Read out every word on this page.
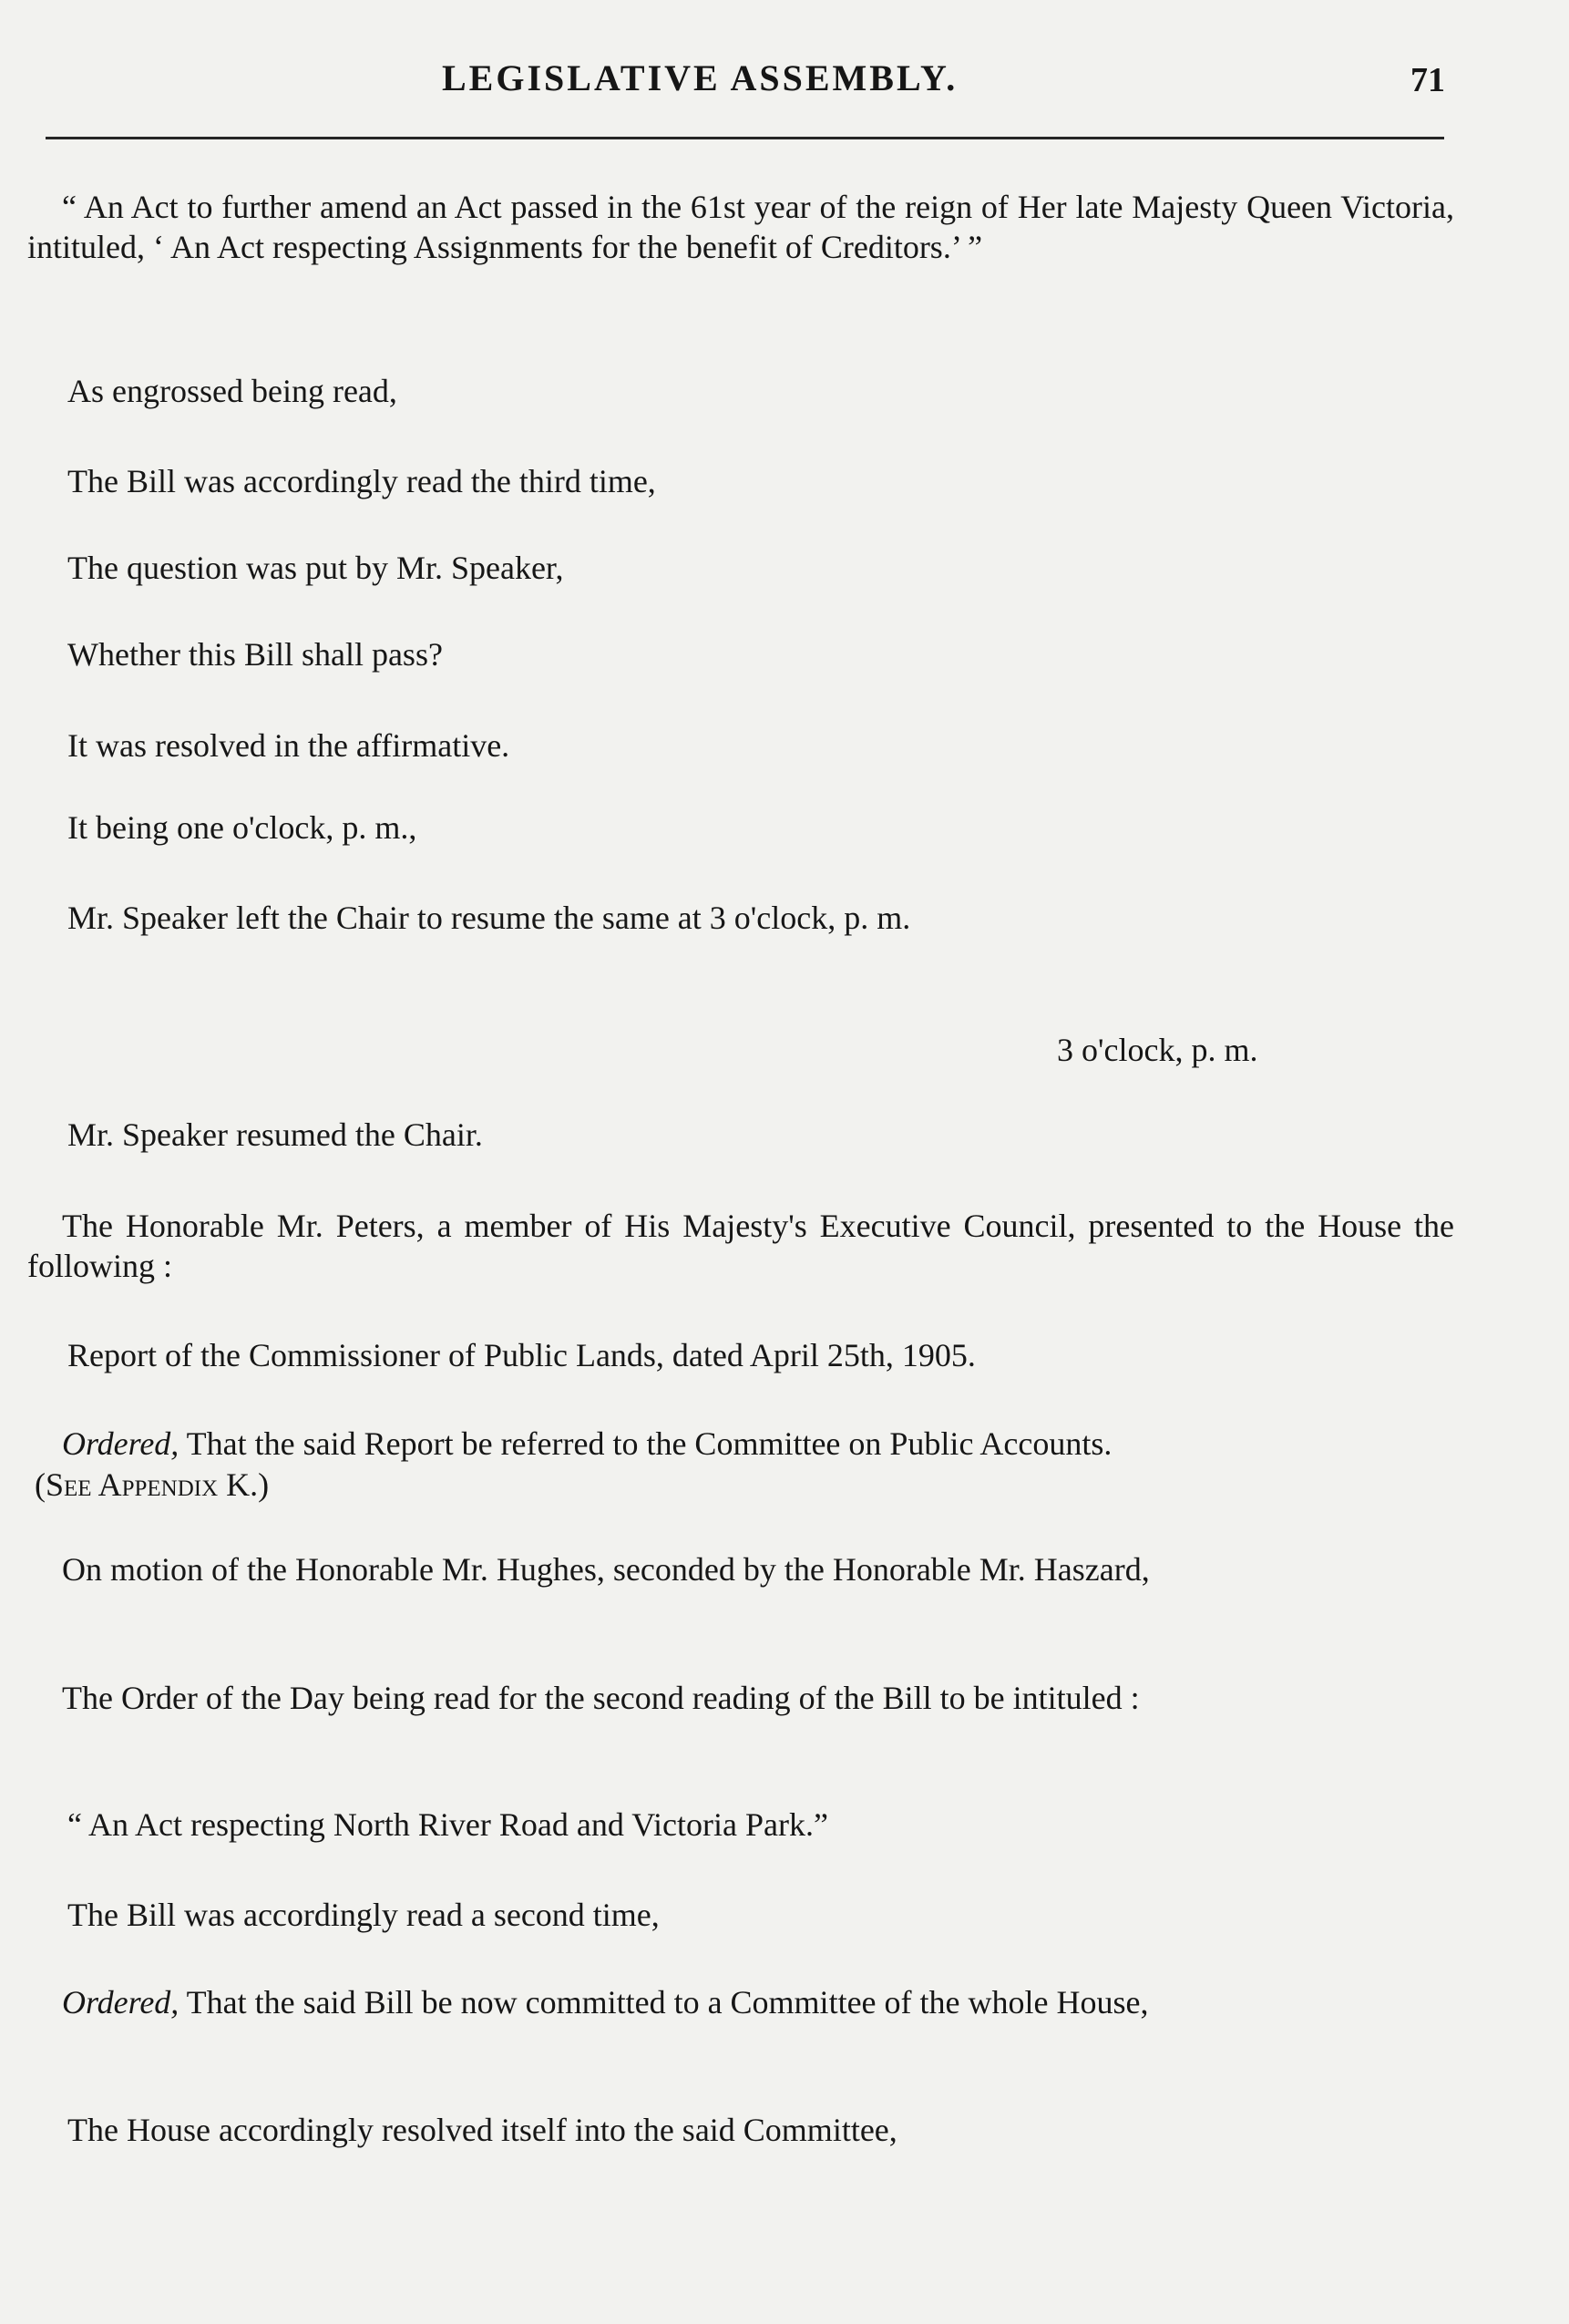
LEGISLATIVE ASSEMBLY.	71
“ An Act to further amend an Act passed in the 61st year of the reign of Her late Majesty Queen Victoria, intituled, ‘ An Act respecting Assignments for the benefit of Creditors.’ ”
As engrossed being read,
The Bill was accordingly read the third time,
The question was put by Mr. Speaker,
Whether this Bill shall pass?
It was resolved in the affirmative.
It being one o'clock, p. m.,
Mr. Speaker left the Chair to resume the same at 3 o'clock, p. m.
3 o'clock, p. m.
Mr. Speaker resumed the Chair.
The Honorable Mr. Peters, a member of His Majesty's Executive Council, presented to the House the following :
Report of the Commissioner of Public Lands, dated April 25th, 1905.
Ordered, That the said Report be referred to the Committee on Public Accounts.
(See Appendix K.)
On motion of the Honorable Mr. Hughes, seconded by the Honorable Mr. Haszard,
The Order of the Day being read for the second reading of the Bill to be intituled :
“ An Act respecting North River Road and Victoria Park.”
The Bill was accordingly read a second time,
Ordered, That the said Bill be now committed to a Committee of the whole House,
The House accordingly resolved itself into the said Committee,
